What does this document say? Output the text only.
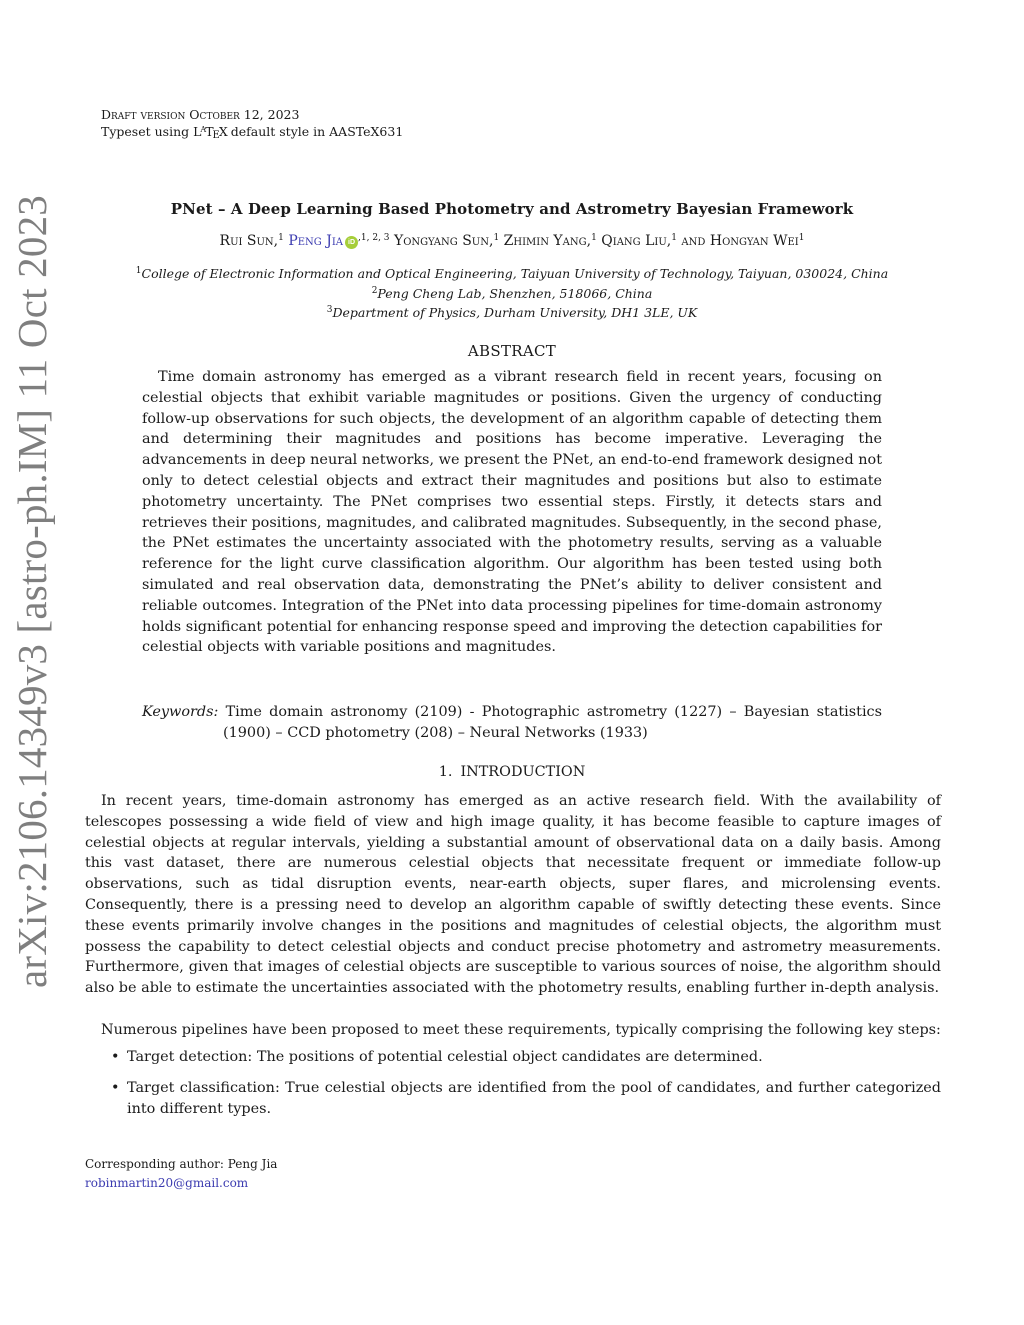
Draft version October 12, 2023
Typeset using $L^AT_EX$ default style in AASTeX631
arXiv:2106.14349v3 [astro-ph.IM] 11 Oct 2023	PNet – A Deep Learning Based Photometry and Astrometry Bayesian Framework
Rui Sun,$^1$ Peng Jia iD $^{,1, 2, 3}$ Yongyang Sun,$^1$ Zhimin Yang,$^1$ Qiang Liu,$^1$ and Hongyan Wei$^1$
$^1$College of Electronic Information and Optical Engineering, Taiyuan University of Technology, Taiyuan, 030024, China
$^2$Peng Cheng Lab, Shenzhen, 518066, China
$^3$Department of Physics, Durham University, DH1 3LE, UK
ABSTRACT
Time domain astronomy has emerged as a vibrant research field in recent years, focusing on celestial objects that exhibit variable magnitudes or positions. Given the urgency of conducting follow-up observations for such objects, the development of an algorithm capable of detecting them and determining their magnitudes and positions has become imperative. Leveraging the advancements in deep neural networks, we present the PNet, an end-to-end framework designed not only to detect celestial objects and extract their magnitudes and positions but also to estimate photometry uncertainty. The PNet comprises two essential steps. Firstly, it detects stars and retrieves their positions, magnitudes, and calibrated magnitudes. Subsequently, in the second phase, the PNet estimates the uncertainty associated with the photometry results, serving as a valuable reference for the light curve classification algorithm. Our algorithm has been tested using both simulated and real observation data, demonstrating the PNet’s ability to deliver consistent and reliable outcomes. Integration of the PNet into data processing pipelines for time-domain astronomy holds significant potential for enhancing response speed and improving the detection capabilities for celestial objects with variable positions and magnitudes.
Keywords: Time domain astronomy (2109) - Photographic astrometry (1227) – Bayesian statistics (1900) – CCD photometry (208) – Neural Networks (1933)
1. INTRODUCTION
In recent years, time-domain astronomy has emerged as an active research field. With the availability of telescopes possessing a wide field of view and high image quality, it has become feasible to capture images of celestial objects at regular intervals, yielding a substantial amount of observational data on a daily basis. Among this vast dataset, there are numerous celestial objects that necessitate frequent or immediate follow-up observations, such as tidal disruption events, near-earth objects, super flares, and microlensing events. Consequently, there is a pressing need to develop an algorithm capable of swiftly detecting these events. Since these events primarily involve changes in the positions and magnitudes of celestial objects, the algorithm must possess the capability to detect celestial objects and conduct precise photometry and astrometry measurements. Furthermore, given that images of celestial objects are susceptible to various sources of noise, the algorithm should also be able to estimate the uncertainties associated with the photometry results, enabling further in-depth analysis.
Numerous pipelines have been proposed to meet these requirements, typically comprising the following key steps:
• Target detection: The positions of potential celestial object candidates are determined.
• Target classification: True celestial objects are identified from the pool of candidates, and further categorized into different types.
Corresponding author: Peng Jia
robinmartin20@gmail.com
